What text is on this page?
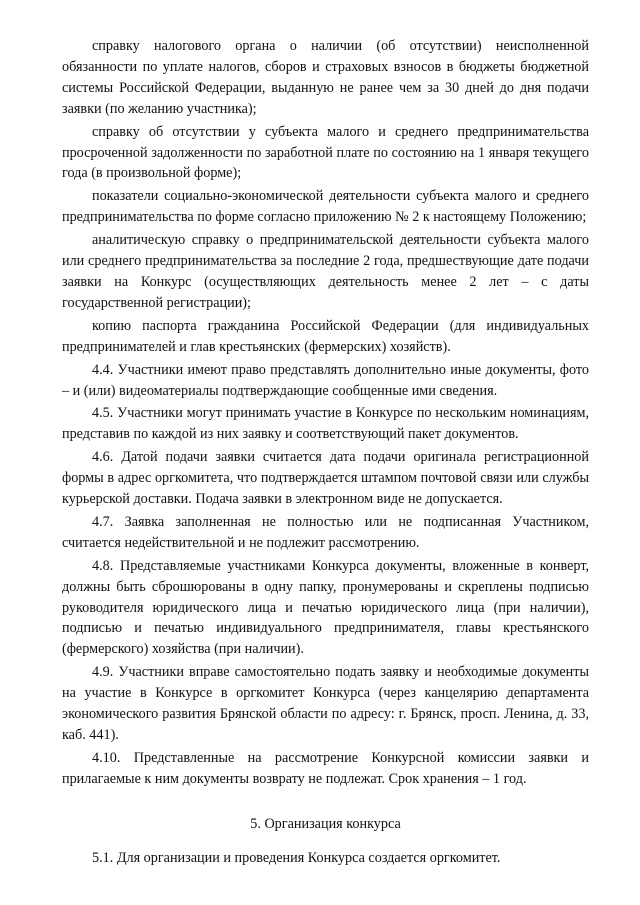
справку налогового органа о наличии (об отсутствии) неисполненной обязанности по уплате налогов, сборов и страховых взносов в бюджеты бюджетной системы Российской Федерации, выданную не ранее чем за 30 дней до дня подачи заявки (по желанию участника);

справку об отсутствии у субъекта малого и среднего предпринимательства просроченной задолженности по заработной плате по состоянию на 1 января текущего года (в произвольной форме);

показатели социально-экономической деятельности субъекта малого и среднего предпринимательства по форме согласно приложению № 2 к настоящему Положению;

аналитическую справку о предпринимательской деятельности субъекта малого или среднего предпринимательства за последние 2 года, предшествующие дате подачи заявки на Конкурс (осуществляющих деятельность менее 2 лет – с даты государственной регистрации);

копию паспорта гражданина Российской Федерации (для индивидуальных предпринимателей и глав крестьянских (фермерских) хозяйств).

4.4. Участники имеют право представлять дополнительно иные документы, фото – и (или) видеоматериалы подтверждающие сообщенные ими сведения.

4.5. Участники могут принимать участие в Конкурсе по нескольким номинациям, представив по каждой из них заявку и соответствующий пакет документов.

4.6. Датой подачи заявки считается дата подачи оригинала регистрационной формы в адрес оргкомитета, что подтверждается штампом почтовой связи или службы курьерской доставки. Подача заявки в электронном виде не допускается.

4.7. Заявка заполненная не полностью или не подписанная Участником, считается недействительной и не подлежит рассмотрению.

4.8. Представляемые участниками Конкурса документы, вложенные в конверт, должны быть сброшюрованы в одну папку, пронумерованы и скреплены подписью руководителя юридического лица и печатью юридического лица (при наличии), подписью и печатью индивидуального предпринимателя, главы крестьянского (фермерского) хозяйства (при наличии).

4.9. Участники вправе самостоятельно подать заявку и необходимые документы на участие в Конкурсе в оргкомитет Конкурса (через канцелярию департамента экономического развития Брянской области по адресу: г. Брянск, просп. Ленина, д. 33, каб. 441).

4.10. Представленные на рассмотрение Конкурсной комиссии заявки и прилагаемые к ним документы возврату не подлежат. Срок хранения – 1 год.

5. Организация конкурса

5.1. Для организации и проведения Конкурса создается оргкомитет.
